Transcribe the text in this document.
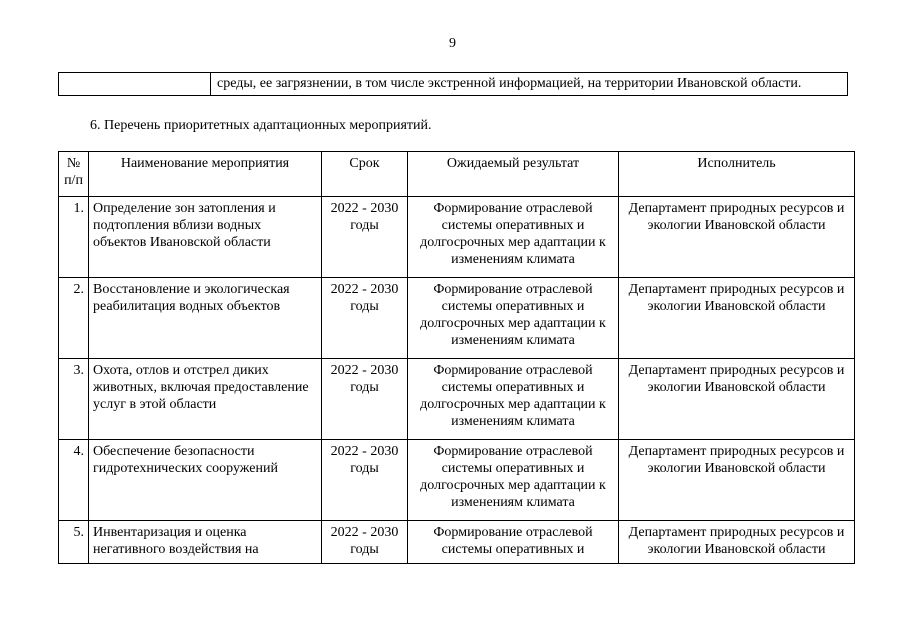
9
	среды, ее загрязнении, в том числе экстренной информацией, на территории Ивановской области.
6. Перечень приоритетных адаптационных мероприятий.
№ п/п	Наименование мероприятия	Срок	Ожидаемый результат	Исполнитель
1.	Определение зон затопления и подтопления вблизи водных объектов Ивановской области	2022 - 2030 годы	Формирование отраслевой системы оперативных и долгосрочных мер адаптации к изменениям климата	Департамент природных ресурсов и экологии Ивановской области
2.	Восстановление и экологическая реабилитация водных объектов	2022 - 2030 годы	Формирование отраслевой системы оперативных и долгосрочных мер адаптации к изменениям климата	Департамент природных ресурсов и экологии Ивановской области
3.	Охота, отлов и отстрел диких животных, включая предоставление услуг в этой области	2022 - 2030 годы	Формирование отраслевой системы оперативных и долгосрочных мер адаптации к изменениям климата	Департамент природных ресурсов и экологии Ивановской области
4.	Обеспечение безопасности гидротехнических сооружений	2022 - 2030 годы	Формирование отраслевой системы оперативных и долгосрочных мер адаптации к изменениям климата	Департамент природных ресурсов и экологии Ивановской области
5.	Инвентаризация и оценка негативного воздействия на	2022 - 2030 годы	Формирование отраслевой системы оперативных и	Департамент природных ресурсов и экологии Ивановской области
